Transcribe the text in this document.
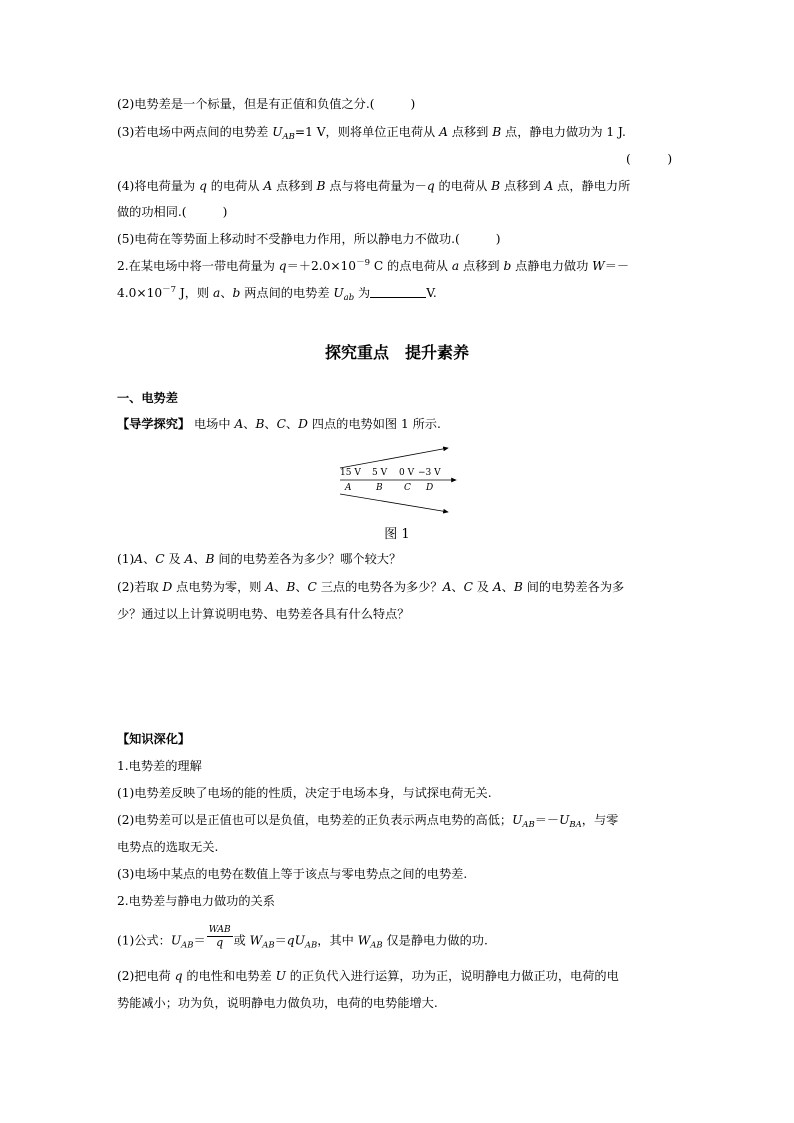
(2)电势差是一个标量，但是有正值和负值之分.(	)
(3)若电场中两点间的电势差 $U_{AB}=1$ V，则将单位正电荷从 A 点移到 B 点，静电力做功为 1 J.
(　　　)
(4)将电荷量为 q 的电荷从 A 点移到 B 点与将电荷量为－q 的电荷从 B 点移到 A 点，静电力所
做的功相同.(	)
(5)电荷在等势面上移动时不受静电力作用，所以静电力不做功.(	)
2.在某电场中将一带电荷量为 $q=+2.0\times 10^{-9}$ C 的点电荷从 a 点移到 b 点静电力做功 W＝－
$4.0\times 10^{-7}$ J，则 a、b 两点间的电势差 $U_{ab}$ 为	V.
探究重点　提升素养
一、电势差
【导学探究】 电场中 A、B、C、D 四点的电势如图 1 所示.
15 V 5 V 0 V −3 V
A	B C D
图 1
(1)A、C 及 A、B 间的电势差各为多少？哪个较大？
(2)若取 D 点电势为零，则 A、B、C 三点的电势各为多少？A、C 及 A、B 间的电势差各为多
少？通过以上计算说明电势、电势差各具有什么特点？
【知识深化】
1.电势差的理解
(1)电势差反映了电场的能的性质，决定于电场本身，与试探电荷无关.
(2)电势差可以是正值也可以是负值，电势差的正负表示两点电势的高低；$U_{AB}=-U_{BA}$，与零
电势点的选取无关.
(3)电场中某点的电势在数值上等于该点与零电势点之间的电势差.
2.电势差与静电力做功的关系
(1)公式：$U_{AB}= \frac{\text{WAB}}{q}$ 或 $W_{AB}=qU_{AB}$，其中 $W_{AB}$ 仅是静电力做的功.
(2)把电荷 q 的电性和电势差 U 的正负代入进行运算，功为正，说明静电力做正功，电荷的电
势能减小；功为负，说明静电力做负功，电荷的电势能增大.
